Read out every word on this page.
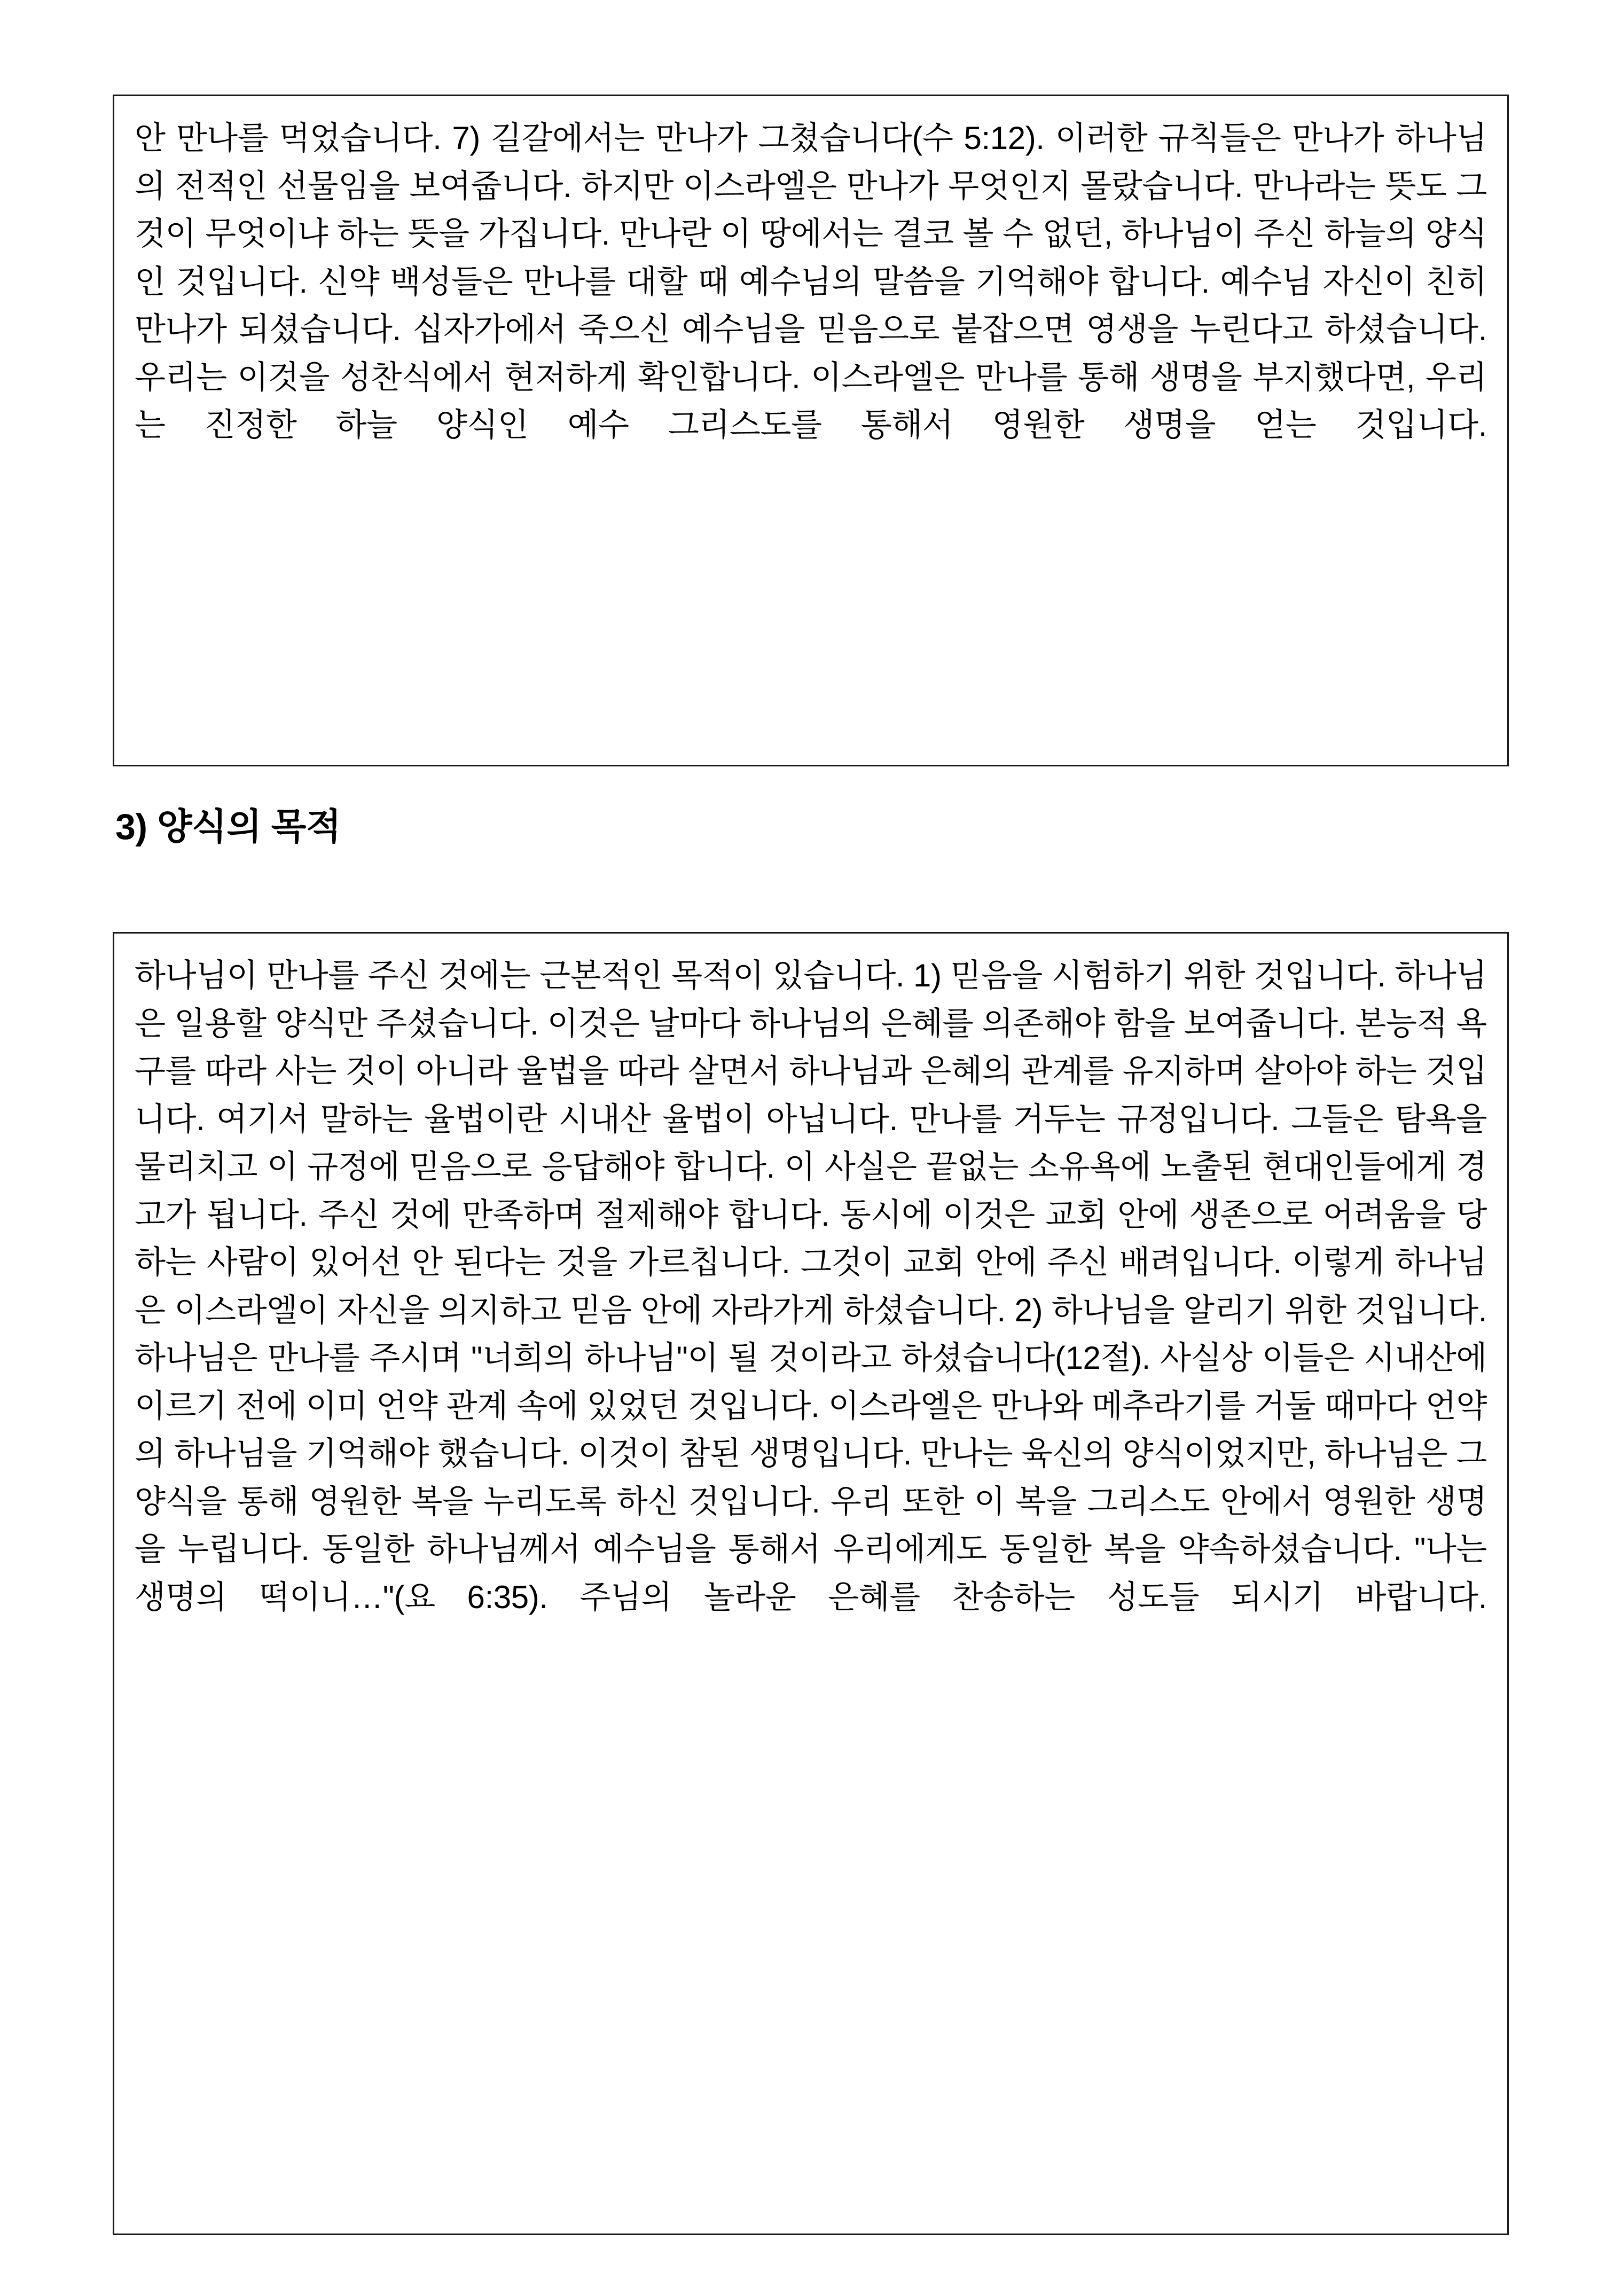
안 만나를 먹었습니다. 7) 길갈에서는 만나가 그쳤습니다(수 5:12). 이러한 규칙들은 만나가 하나님의 전적인 선물임을 보여줍니다. 하지만 이스라엘은 만나가 무엇인지 몰랐습니다. 만나라는 뜻도 그것이 무엇이냐 하는 뜻을 가집니다. 만나란 이 땅에서는 결코 볼 수 없던, 하나님이 주신 하늘의 양식인 것입니다. 신약 백성들은 만나를 대할 때 예수님의 말씀을 기억해야 합니다. 예수님 자신이 친히 만나가 되셨습니다. 십자가에서 죽으신 예수님을 믿음으로 붙잡으면 영생을 누린다고 하셨습니다. 우리는 이것을 성찬식에서 현저하게 확인합니다. 이스라엘은 만나를 통해 생명을 부지했다면, 우리는 진정한 하늘 양식인 예수 그리스도를 통해서 영원한 생명을 얻는 것입니다.

3) 양식의 목적

하나님이 만나를 주신 것에는 근본적인 목적이 있습니다. 1) 믿음을 시험하기 위한 것입니다. 하나님은 일용할 양식만 주셨습니다. 이것은 날마다 하나님의 은혜를 의존해야 함을 보여줍니다. 본능적 욕구를 따라 사는 것이 아니라 율법을 따라 살면서 하나님과 은혜의 관계를 유지하며 살아야 하는 것입니다. 여기서 말하는 율법이란 시내산 율법이 아닙니다. 만나를 거두는 규정입니다. 그들은 탐욕을 물리치고 이 규정에 믿음으로 응답해야 합니다. 이 사실은 끝없는 소유욕에 노출된 현대인들에게 경고가 됩니다. 주신 것에 만족하며 절제해야 합니다. 동시에 이것은 교회 안에 생존으로 어려움을 당하는 사람이 있어선 안 된다는 것을 가르칩니다. 그것이 교회 안에 주신 배려입니다. 이렇게 하나님은 이스라엘이 자신을 의지하고 믿음 안에 자라가게 하셨습니다. 2) 하나님을 알리기 위한 것입니다. 하나님은 만나를 주시며 "너희의 하나님"이 될 것이라고 하셨습니다(12절). 사실상 이들은 시내산에 이르기 전에 이미 언약 관계 속에 있었던 것입니다. 이스라엘은 만나와 메추라기를 거둘 때마다 언약의 하나님을 기억해야 했습니다. 이것이 참된 생명입니다. 만나는 육신의 양식이었지만, 하나님은 그 양식을 통해 영원한 복을 누리도록 하신 것입니다. 우리 또한 이 복을 그리스도 안에서 영원한 생명을 누립니다. 동일한 하나님께서 예수님을 통해서 우리에게도 동일한 복을 약속하셨습니다. "나는 생명의 떡이니…"(요 6:35). 주님의 놀라운 은혜를 찬송하는 성도들 되시기 바랍니다.
